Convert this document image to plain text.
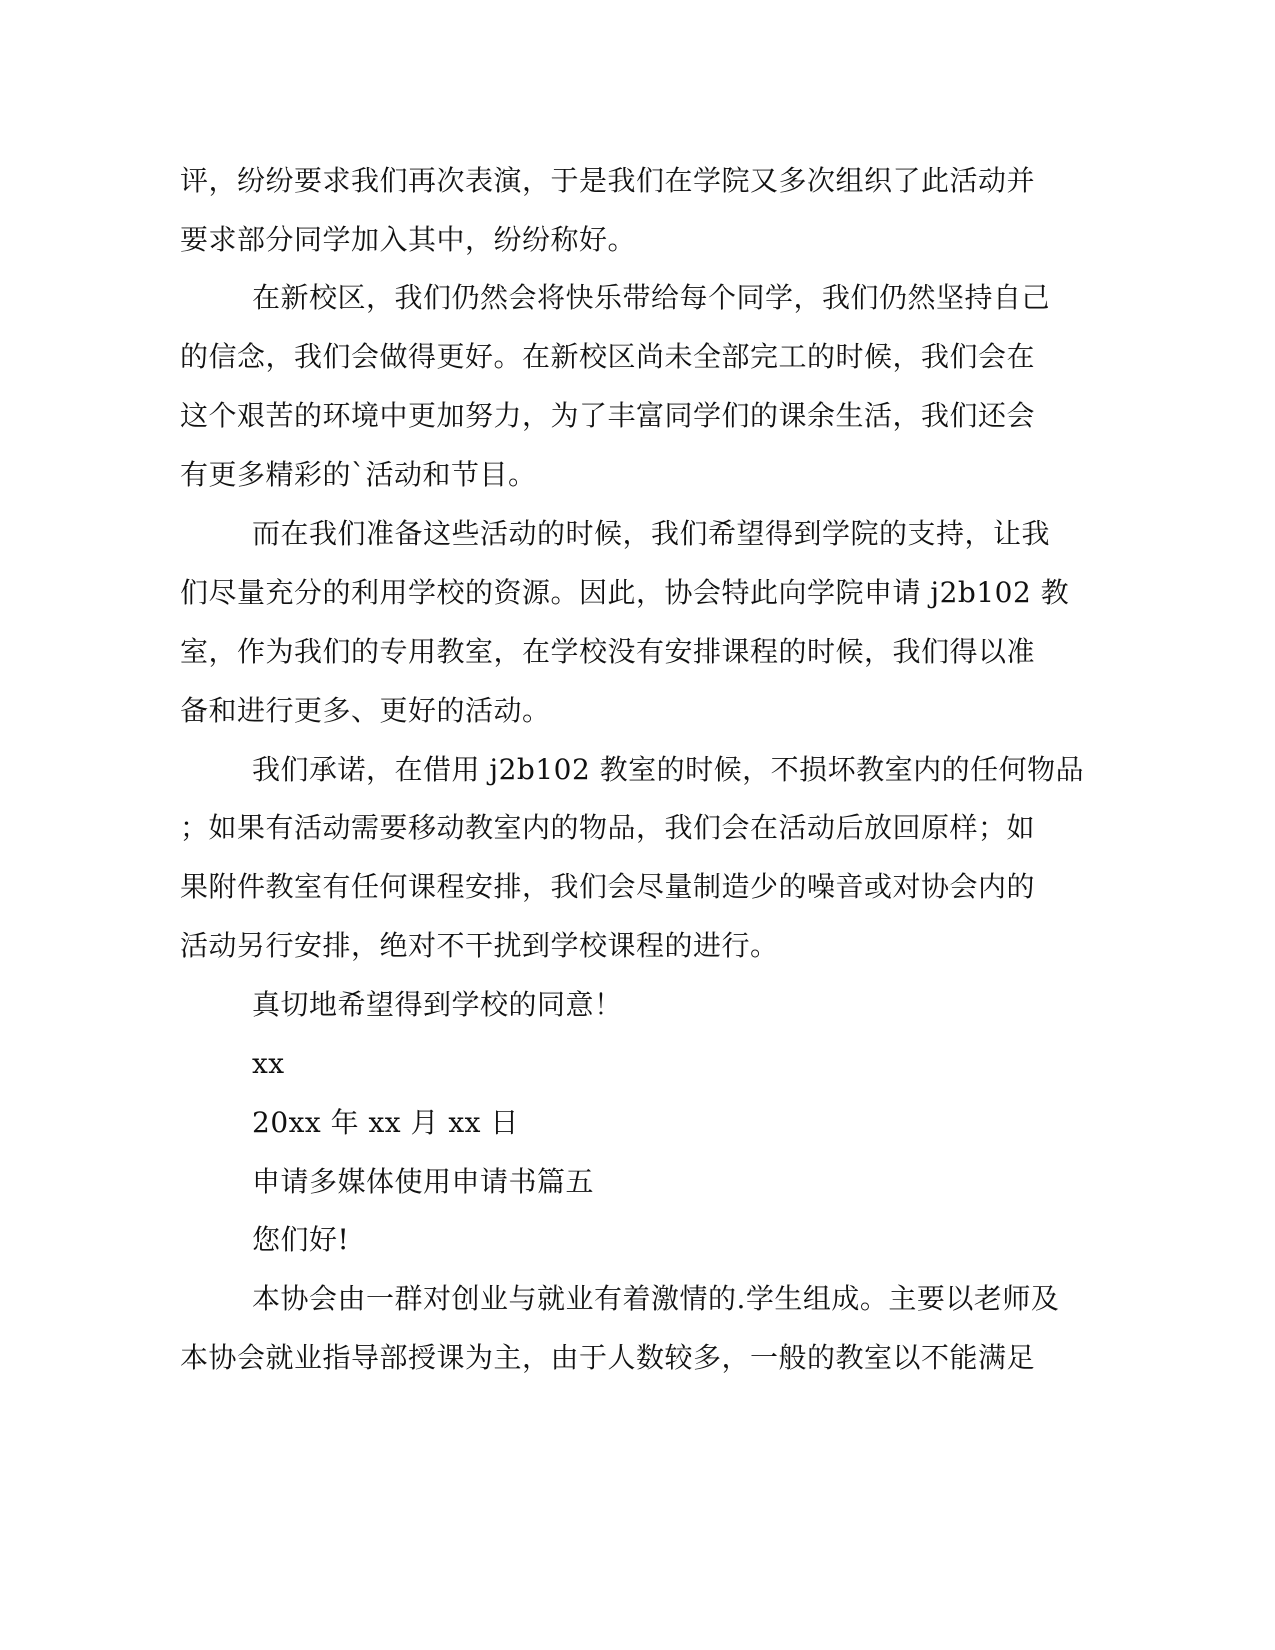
评，纷纷要求我们再次表演，于是我们在学院又多次组织了此活动并
要求部分同学加入其中，纷纷称好。
在新校区，我们仍然会将快乐带给每个同学，我们仍然坚持自己
的信念，我们会做得更好。在新校区尚未全部完工的时候，我们会在
这个艰苦的环境中更加努力，为了丰富同学们的课余生活，我们还会
有更多精彩的`活动和节目。
而在我们准备这些活动的时候，我们希望得到学院的支持，让我
们尽量充分的利用学校的资源。因此，协会特此向学院申请 j2b102 教
室，作为我们的专用教室，在学校没有安排课程的时候，我们得以准
备和进行更多、更好的活动。
我们承诺，在借用 j2b102 教室的时候，不损坏教室内的任何物品
；如果有活动需要移动教室内的物品，我们会在活动后放回原样；如
果附件教室有任何课程安排，我们会尽量制造少的噪音或对协会内的
活动另行安排，绝对不干扰到学校课程的进行。
真切地希望得到学校的同意！
xx
20xx 年 xx 月 xx 日
申请多媒体使用申请书篇五
您们好!
本协会由一群对创业与就业有着激情的.学生组成。主要以老师及
本协会就业指导部授课为主，由于人数较多，一般的教室以不能满足
